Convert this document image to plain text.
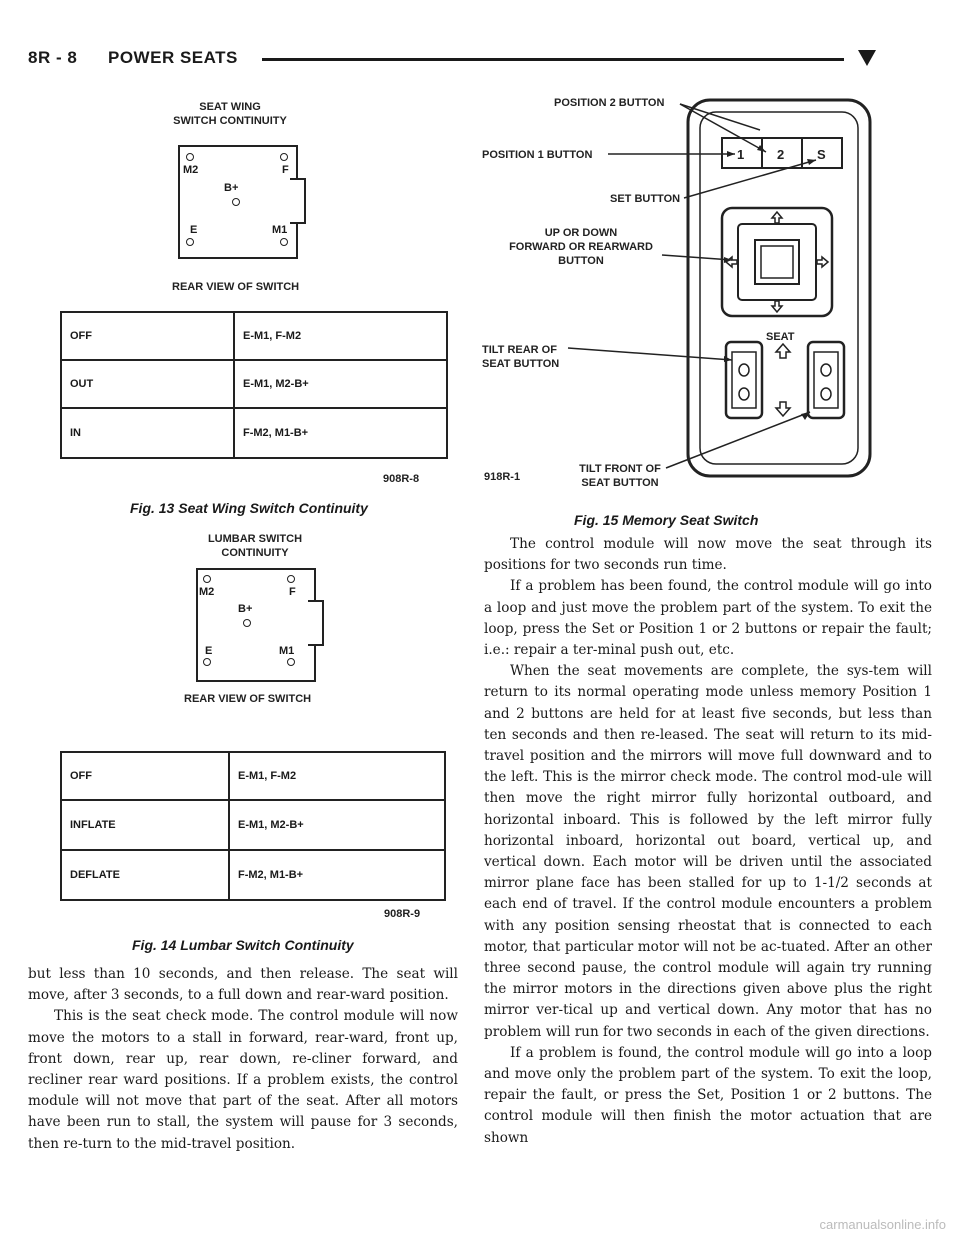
8R - 8 POWER SEATS
SEAT WING
SWITCH CONTINUITY
M2	F
B+
E	M1
REAR VIEW OF SWITCH
OFF	E-M1, F-M2
OUT	E-M1, M2-B+
IN	F-M2, M1-B+
908R-8
Fig. 13 Seat Wing Switch Continuity
LUMBAR SWITCH
CONTINUITY
M2	F
B+
E	M1
REAR VIEW OF SWITCH
OFF	E-M1, F-M2
INFLATE	E-M1, M2-B+
DEFLATE	F-M2, M1-B+
908R-9
Fig. 14 Lumbar Switch Continuity

but less than 10 seconds, and then release. The seat will move, after 3 seconds, to a full down and rear-ward position.

This is the seat check mode. The control module will now move the motors to a stall in forward, rear-ward, front up, front down, rear up, rear down, re-cliner forward, and recliner rear ward positions. If a problem exists, the control module will not move that part of the seat. After all motors have been run to stall, the system will pause for 3 seconds, then re-turn to the mid-travel position.

1	2	S
POSITION 2 BUTTON
POSITION 1 BUTTON
SET BUTTON
UP OR DOWN
FORWARD OR REARWARD
BUTTON
SEAT
TILT REAR OF
SEAT BUTTON
TILT FRONT OF
SEAT BUTTON
918R-1
Fig. 15 Memory Seat Switch

The control module will now move the seat through its positions for two seconds run time.

If a problem has been found, the control module will go into a loop and just move the problem part of the system. To exit the loop, press the Set or Position 1 or 2 buttons or repair the fault; i.e.: repair a ter-minal push out, etc.

When the seat movements are complete, the sys-tem will return to its normal operating mode unless memory Position 1 and 2 buttons are held for at least five seconds, but less than ten seconds and then re-leased. The seat will return to its mid-travel position and the mirrors will move full downward and to the left. This is the mirror check mode. The control mod-ule will then move the right mirror fully horizontal outboard, and horizontal inboard. This is followed by the left mirror fully horizontal inboard, horizontal out board, vertical up, and vertical down. Each motor will be driven until the associated mirror plane face has been stalled for up to 1-1/2 seconds at each end of travel. If the control module encounters a problem with any position sensing rheostat that is connected to each motor, that particular motor will not be ac-tuated. After an other three second pause, the control module will again try running the mirror motors in the directions given above plus the right mirror ver-tical up and vertical down. Any motor that has no problem will run for two seconds in each of the given directions.

If a problem is found, the control module will go into a loop and move only the problem part of the system. To exit the loop, repair the fault, or press the Set, Position 1 or 2 buttons. The control module will then finish the motor actuation that are shown

carmanualsonline.info
